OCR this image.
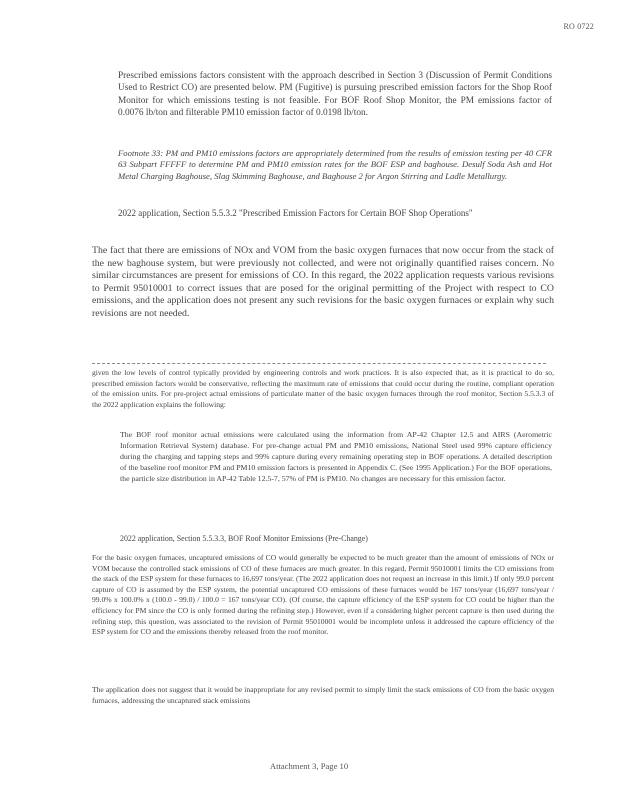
RO 0722

Prescribed emissions factors consistent with the approach described in Section 3 (Discussion of Permit Conditions Used to Restrict CO) are presented below. PM (Fugitive) is pursuing prescribed emission factors for the Shop Roof Monitor for which emissions testing is not feasible. For BOF Roof Shop Monitor, the PM emissions factor of 0.0076 lb/ton and filterable PM10 emission factor of 0.0198 lb/ton.

Footnote 33: PM and PM10 emissions factors are appropriately determined from the results of emission testing per 40 CFR 63 Subpart FFFFF to determine PM and PM10 emission rates for the BOF ESP and baghouse. Desulf Soda Ash and Hot Metal Charging Baghouse, Slag Skimming Baghouse, and Baghouse 2 for Argon Stirring and Ladle Metallurgy.

2022 application, Section 5.5.3.2 "Prescribed Emission Factors for Certain BOF Shop Operations"

The fact that there are emissions of NOx and VOM from the basic oxygen furnaces that now occur from the stack of the new baghouse system, but were previously not collected, and were not originally quantified raises concern. No similar circumstances are present for emissions of CO. In this regard, the 2022 application requests various revisions to Permit 95010001 to correct issues that are posed for the original permitting of the Project with respect to CO emissions, and the application does not present any such revisions for the basic oxygen furnaces or explain why such revisions are not needed.

given the low levels of control typically provided by engineering controls and work practices. It is also expected that, as it is practical to do so, prescribed emission factors would be conservative, reflecting the maximum rate of emissions that could occur during the routine, compliant operation of the emission units. For pre-project actual emissions of particulate matter of the basic oxygen furnaces through the roof monitor, Section 5.5.3.3 of the 2022 application explains the following:

The BOF roof monitor actual emissions were calculated using the information from AP-42 Chapter 12.5 and AIRS (Aerometric Information Retrieval System) database. For pre-change actual PM and PM10 emissions, National Steel used 99% capture efficiency during the charging and tapping steps and 99% capture during every remaining operating step in BOF operations. A detailed description of the baseline roof monitor PM and PM10 emission factors is presented in Appendix C. (See 1995 Application.) For the BOF operations, the particle size distribution in AP-42 Table 12.5-7, 57% of PM is PM10. No changes are necessary for this emission factor.

2022 application, Section 5.5.3.3, BOF Roof Monitor Emissions (Pre-Change)

For the basic oxygen furnaces, uncaptured emissions of CO would generally be expected to be much greater than the amount of emissions of NOx or VOM because the controlled stack emissions of CO of these furnaces are much greater. In this regard, Permit 95010001 limits the CO emissions from the stack of the ESP system for these furnaces to 16,697 tons/year. (The 2022 application does not request an increase in this limit.) If only 99.0 percent capture of CO is assumed by the ESP system, the potential uncaptured CO emissions of these furnaces would be 167 tons/year (16,697 tons/year / 99.0% x 100.0% x (100.0 - 99.0) / 100.0 = 167 tons/year CO). (Of course, the capture efficiency of the ESP system for CO could be higher than the efficiency for PM since the CO is only formed during the refining step.) However, even if a considering higher percent capture is then used during the refining step, this question, was associated to the revision of Permit 95010001 would be incomplete unless it addressed the capture efficiency of the ESP system for CO and the emissions thereby released from the roof monitor.

The application does not suggest that it would be inappropriate for any revised permit to simply limit the stack emissions of CO from the basic oxygen furnaces, addressing the uncaptured stack emissions

Attachment 3, Page 10
